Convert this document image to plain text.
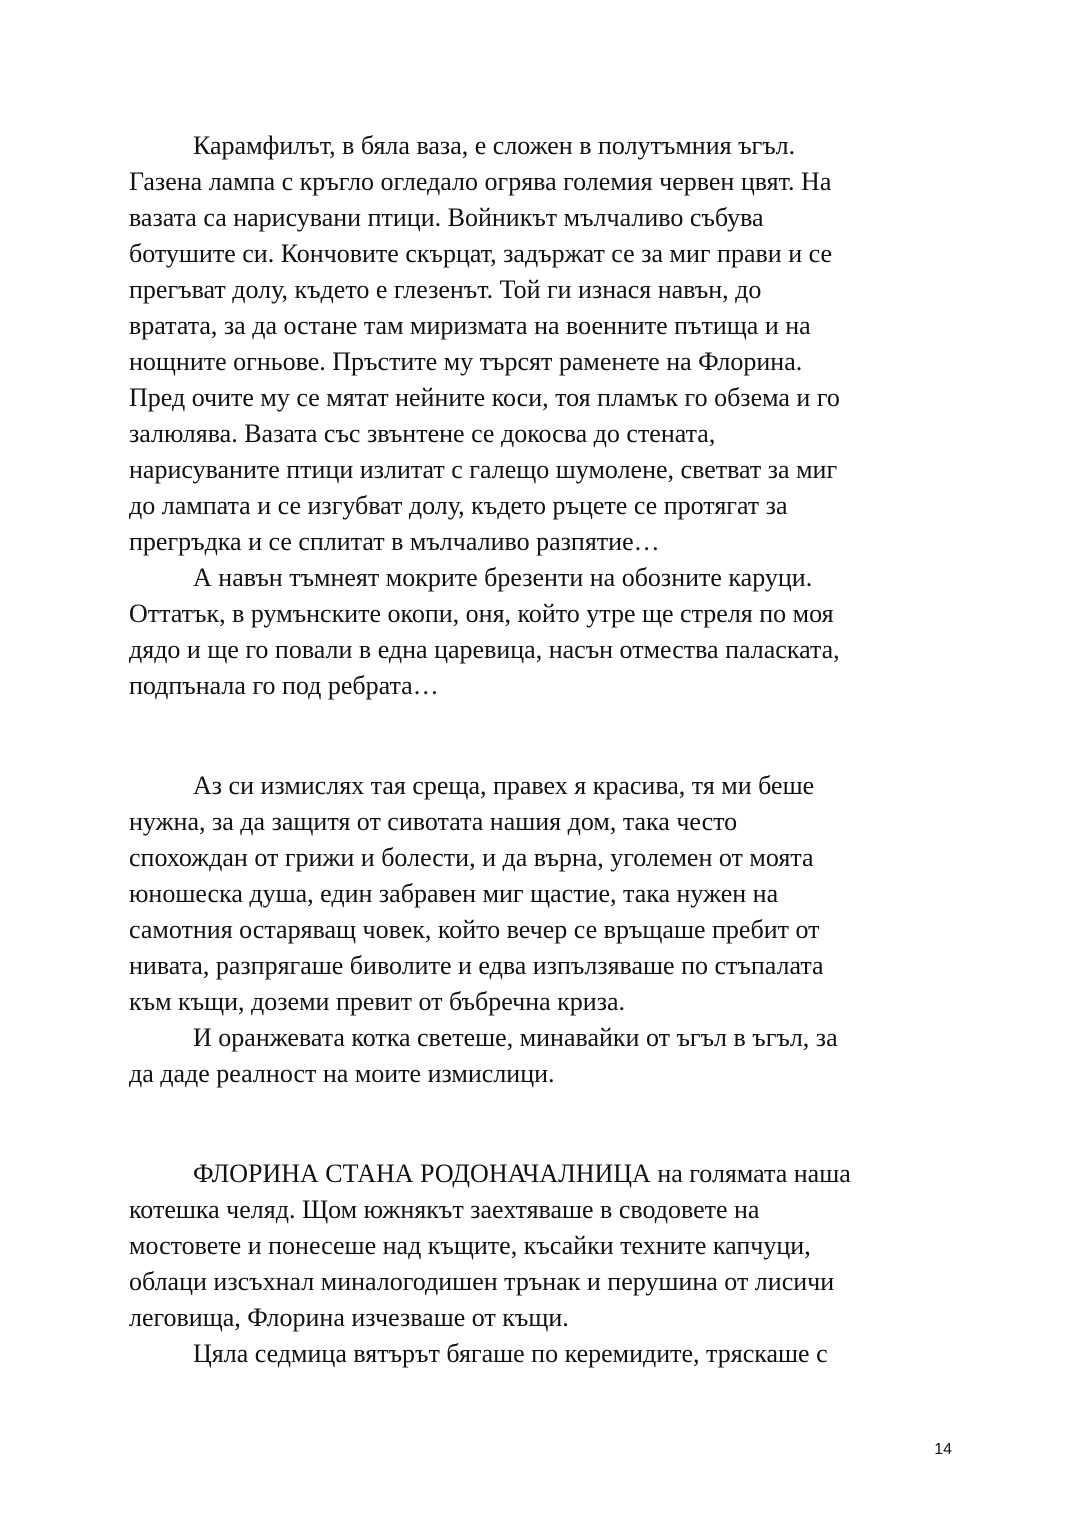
Карамфилът, в бяла ваза, е сложен в полутъмния ъгъл.

Газена лампа с кръгло огледало огрява големия червен цвят. На

вазата са нарисувани птици. Войникът мълчаливо събува

ботушите си. Кончовите скърцат, задържат се за миг прави и се

прегъват долу, където е глезенът. Той ги изнася навън, до

вратата, за да остане там миризмата на военните пътища и на

нощните огньове. Пръстите му търсят раменете на Флорина.

Пред очите му се мятат нейните коси, тоя пламък го обзема и го

залюлява. Вазата със звънтене се докосва до стената,

нарисуваните птици излитат с галещо шумолене, светват за миг

до лампата и се изгубват долу, където ръцете се протягат за

прегръдка и се сплитат в мълчаливо разпятие…

А навън тъмнеят мокрите брезенти на обозните каруци.

Оттатък, в румънските окопи, оня, който утре ще стреля по моя

дядо и ще го повали в една царевица, насън отмества паласката,

подпънала го под ребрата…

Аз си измислях тая среща, правех я красива, тя ми беше

нужна, за да защитя от сивотата нашия дом, така често

спохождан от грижи и болести, и да върна, уголемен от моята

юношеска душа, един забравен миг щастие, така нужен на

самотния остаряващ човек, който вечер се връщаше пребит от

нивата, разпрягаше биволите и едва изпълзяваше по стъпалата

към къщи, доземи превит от бъбречна криза.

И оранжевата котка светеше, минавайки от ъгъл в ъгъл, за

да даде реалност на моите измислици.

ФЛОРИНА СТАНА РОДОНАЧАЛНИЦА на голямата наша

котешка челяд. Щом южнякът заехтяваше в сводовете на

мостовете и понесеше над къщите, късайки техните капчуци,

облаци изсъхнал миналогодишен трънак и перушина от лисичи

леговища, Флорина изчезваше от къщи.

Цяла седмица вятърът бягаше по керемидите, тряскаше с

14
